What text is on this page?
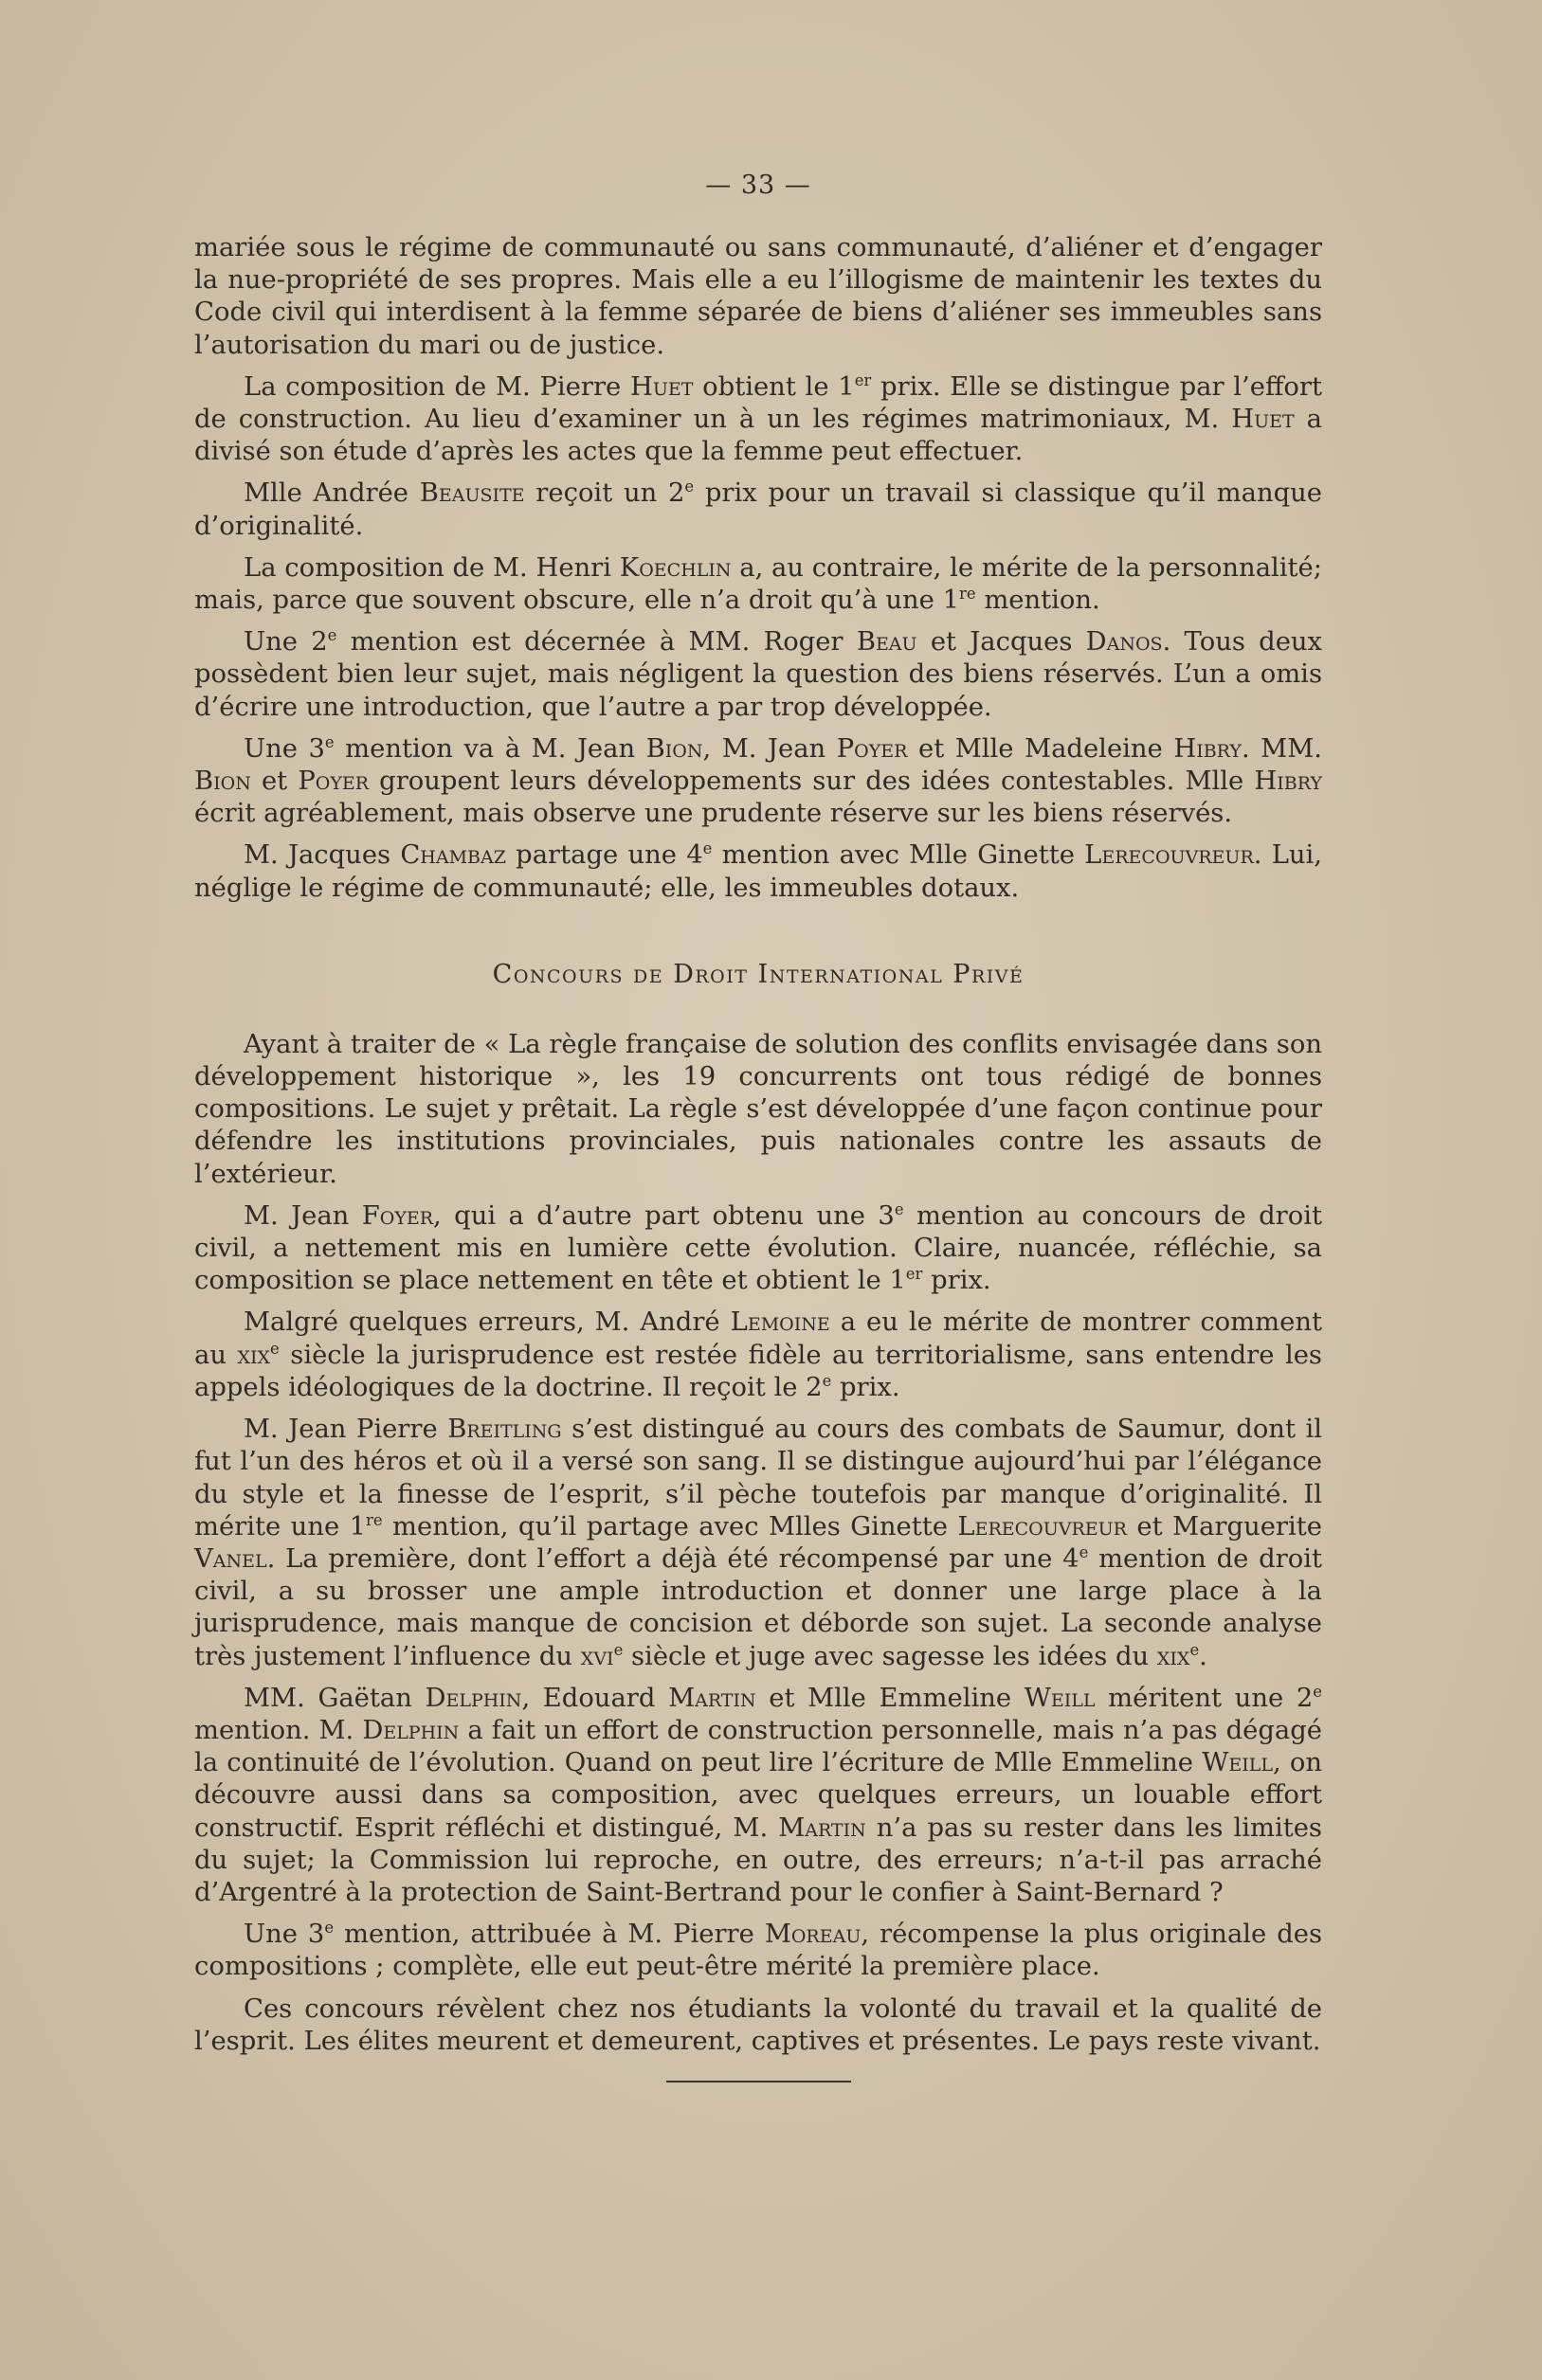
— 33 —

mariée sous le régime de communauté ou sans communauté, d’aliéner et d’engager la nue-propriété de ses propres. Mais elle a eu l’illogisme de maintenir les textes du Code civil qui interdisent à la femme séparée de biens d’aliéner ses immeubles sans l’autorisation du mari ou de justice.

La composition de M. Pierre Huet obtient le 1er prix. Elle se distingue par l’effort de construction. Au lieu d’examiner un à un les régimes matrimoniaux, M. Huet a divisé son étude d’après les actes que la femme peut effectuer.

Mlle Andrée Beausite reçoit un 2e prix pour un travail si classique qu’il manque d’originalité.

La composition de M. Henri Koechlin a, au contraire, le mérite de la personnalité; mais, parce que souvent obscure, elle n’a droit qu’à une 1re mention.

Une 2e mention est décernée à MM. Roger Beau et Jacques Danos. Tous deux possèdent bien leur sujet, mais négligent la question des biens réservés. L’un a omis d’écrire une introduction, que l’autre a par trop développée.

Une 3e mention va à M. Jean Bion, M. Jean Poyer et Mlle Madeleine Hibry. MM. Bion et Poyer groupent leurs développements sur des idées contestables. Mlle Hibry écrit agréablement, mais observe une prudente réserve sur les biens réservés.

M. Jacques Chambaz partage une 4e mention avec Mlle Ginette Lerecouvreur. Lui, néglige le régime de communauté; elle, les immeubles dotaux.

Concours de Droit International Privé

Ayant à traiter de « La règle française de solution des conflits envisagée dans son développement historique », les 19 concurrents ont tous rédigé de bonnes compositions. Le sujet y prêtait. La règle s’est développée d’une façon continue pour défendre les institutions provinciales, puis nationales contre les assauts de l’extérieur.

M. Jean Foyer, qui a d’autre part obtenu une 3e mention au concours de droit civil, a nettement mis en lumière cette évolution. Claire, nuancée, réfléchie, sa composition se place nettement en tête et obtient le 1er prix.

Malgré quelques erreurs, M. André Lemoine a eu le mérite de montrer comment au xix$^e$ siècle la jurisprudence est restée fidèle au territorialisme, sans entendre les appels idéologiques de la doctrine. Il reçoit le 2e prix.

M. Jean Pierre Breitling s’est distingué au cours des combats de Saumur, dont il fut l’un des héros et où il a versé son sang. Il se distingue aujourd’hui par l’élégance du style et la finesse de l’esprit, s’il pèche toutefois par manque d’originalité. Il mérite une 1re mention, qu’il partage avec Mlles Ginette Lerecouvreur et Marguerite Vanel. La première, dont l’effort a déjà été récompensé par une 4e mention de droit civil, a su brosser une ample introduction et donner une large place à la jurisprudence, mais manque de concision et déborde son sujet. La seconde analyse très justement l’influence du xvi$^e$ siècle et juge avec sagesse les idées du xix$^e$.

MM. Gaëtan Delphin, Edouard Martin et Mlle Emmeline Weill méritent une 2e mention. M. Delphin a fait un effort de construction personnelle, mais n’a pas dégagé la continuité de l’évolution. Quand on peut lire l’écriture de Mlle Emmeline Weill, on découvre aussi dans sa composition, avec quelques erreurs, un louable effort constructif. Esprit réfléchi et distingué, M. Martin n’a pas su rester dans les limites du sujet; la Commission lui reproche, en outre, des erreurs; n’a-t-il pas arraché d’Argentré à la protection de Saint-Bertrand pour le confier à Saint-Bernard ?

Une 3e mention, attribuée à M. Pierre Moreau, récompense la plus originale des compositions ; complète, elle eut peut-être mérité la première place.

Ces concours révèlent chez nos étudiants la volonté du travail et la qualité de l’esprit. Les élites meurent et demeurent, captives et présentes. Le pays reste vivant.
